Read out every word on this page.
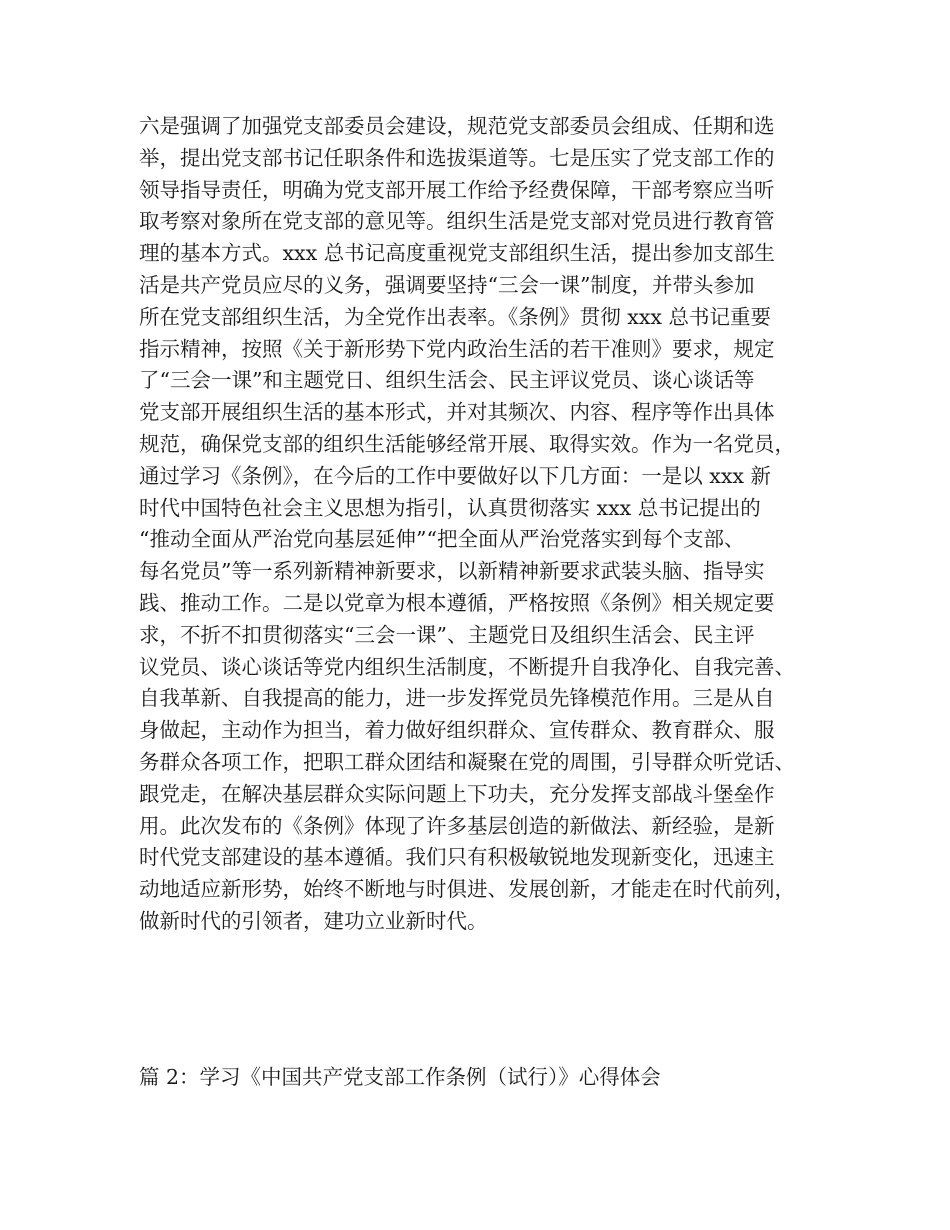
六是强调了加强党支部委员会建设，规范党支部委员会组成、任期和选
举，提出党支部书记任职条件和选拔渠道等。七是压实了党支部工作的
领导指导责任，明确为党支部开展工作给予经费保障，干部考察应当听
取考察对象所在党支部的意见等。组织生活是党支部对党员进行教育管
理的基本方式。xxx 总书记高度重视党支部组织生活，提出参加支部生
活是共产党员应尽的义务，强调要坚持“三会一课”制度，并带头参加
所在党支部组织生活，为全党作出表率。《条例》贯彻 xxx 总书记重要
指示精神，按照《关于新形势下党内政治生活的若干准则》要求，规定
了“三会一课”和主题党日、组织生活会、民主评议党员、谈心谈话等
党支部开展组织生活的基本形式，并对其频次、内容、程序等作出具体
规范，确保党支部的组织生活能够经常开展、取得实效。作为一名党员，
通过学习《条例》，在今后的工作中要做好以下几方面：一是以 xxx 新
时代中国特色社会主义思想为指引，认真贯彻落实 xxx 总书记提出的
“推动全面从严治党向基层延伸”“把全面从严治党落实到每个支部、
每名党员”等一系列新精神新要求，以新精神新要求武装头脑、指导实
践、推动工作。二是以党章为根本遵循，严格按照《条例》相关规定要
求，不折不扣贯彻落实“三会一课”、主题党日及组织生活会、民主评
议党员、谈心谈话等党内组织生活制度，不断提升自我净化、自我完善、
自我革新、自我提高的能力，进一步发挥党员先锋模范作用。三是从自
身做起，主动作为担当，着力做好组织群众、宣传群众、教育群众、服
务群众各项工作，把职工群众团结和凝聚在党的周围，引导群众听党话、
跟党走，在解决基层群众实际问题上下功夫，充分发挥支部战斗堡垒作
用。此次发布的《条例》体现了许多基层创造的新做法、新经验，是新
时代党支部建设的基本遵循。我们只有积极敏锐地发现新变化，迅速主
动地适应新形势，始终不断地与时俱进、发展创新，才能走在时代前列，
做新时代的引领者，建功立业新时代。
篇 2：学习《中国共产党支部工作条例（试行）》心得体会
